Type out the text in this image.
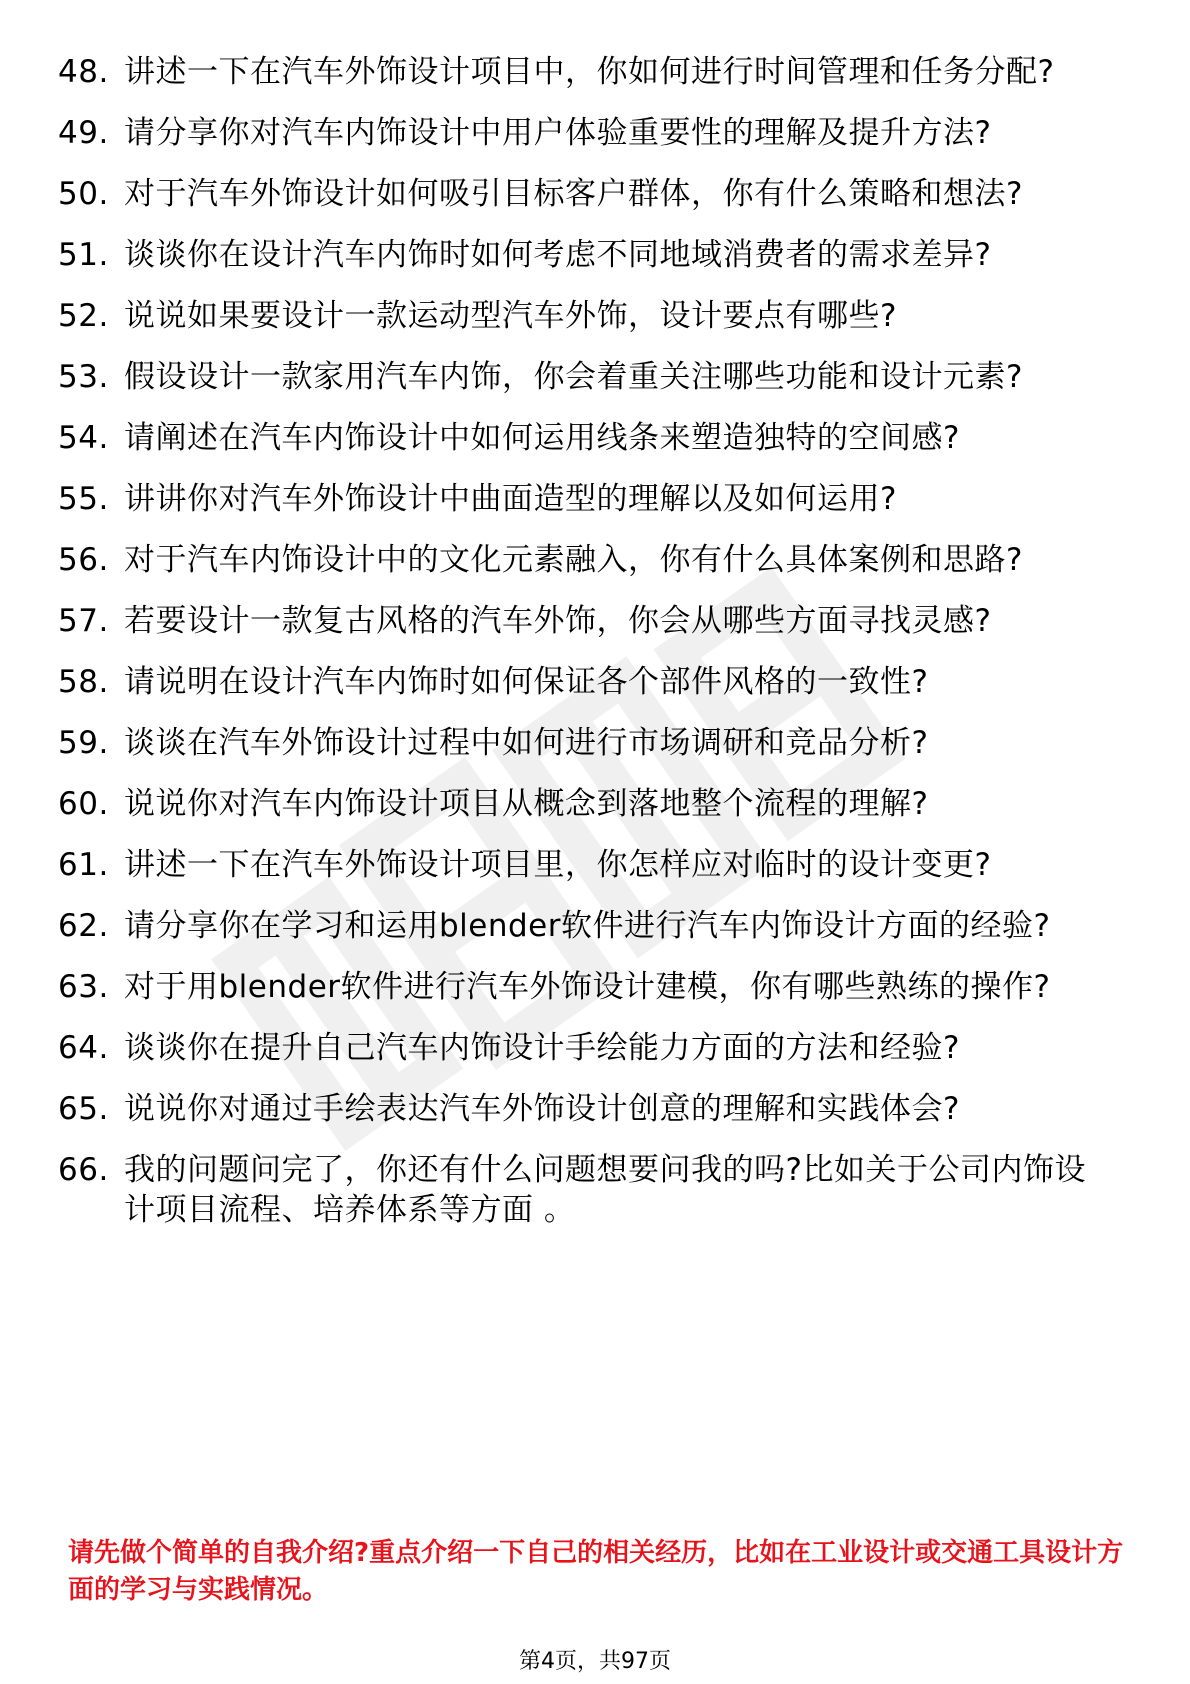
48. 讲述一下在汽车外饰设计项目中，你如何进行时间管理和任务分配?
49. 请分享你对汽车内饰设计中用户体验重要性的理解及提升方法?
50. 对于汽车外饰设计如何吸引目标客户群体，你有什么策略和想法?
51. 谈谈你在设计汽车内饰时如何考虑不同地域消费者的需求差异?
52. 说说如果要设计一款运动型汽车外饰，设计要点有哪些?
53. 假设设计一款家用汽车内饰，你会着重关注哪些功能和设计元素?
54. 请阐述在汽车内饰设计中如何运用线条来塑造独特的空间感?
55. 讲讲你对汽车外饰设计中曲面造型的理解以及如何运用?
56. 对于汽车内饰设计中的文化元素融入，你有什么具体案例和思路?
57. 若要设计一款复古风格的汽车外饰，你会从哪些方面寻找灵感?
58. 请说明在设计汽车内饰时如何保证各个部件风格的一致性?
59. 谈谈在汽车外饰设计过程中如何进行市场调研和竞品分析?
60. 说说你对汽车内饰设计项目从概念到落地整个流程的理解?
61. 讲述一下在汽车外饰设计项目里，你怎样应对临时的设计变更?
62. 请分享你在学习和运用blender软件进行汽车内饰设计方面的经验?
63. 对于用blender软件进行汽车外饰设计建模，你有哪些熟练的操作?
64. 谈谈你在提升自己汽车内饰设计手绘能力方面的方法和经验?
65. 说说你对通过手绘表达汽车外饰设计创意的理解和实践体会?
66. 我的问题问完了，你还有什么问题想要问我的吗?比如关于公司内饰设计项目流程、培养体系等方面 。

请先做个简单的自我介绍?重点介绍一下自己的相关经历，比如在工业设计或交通工具设计方面的学习与实践情况。

第4页，共97页
